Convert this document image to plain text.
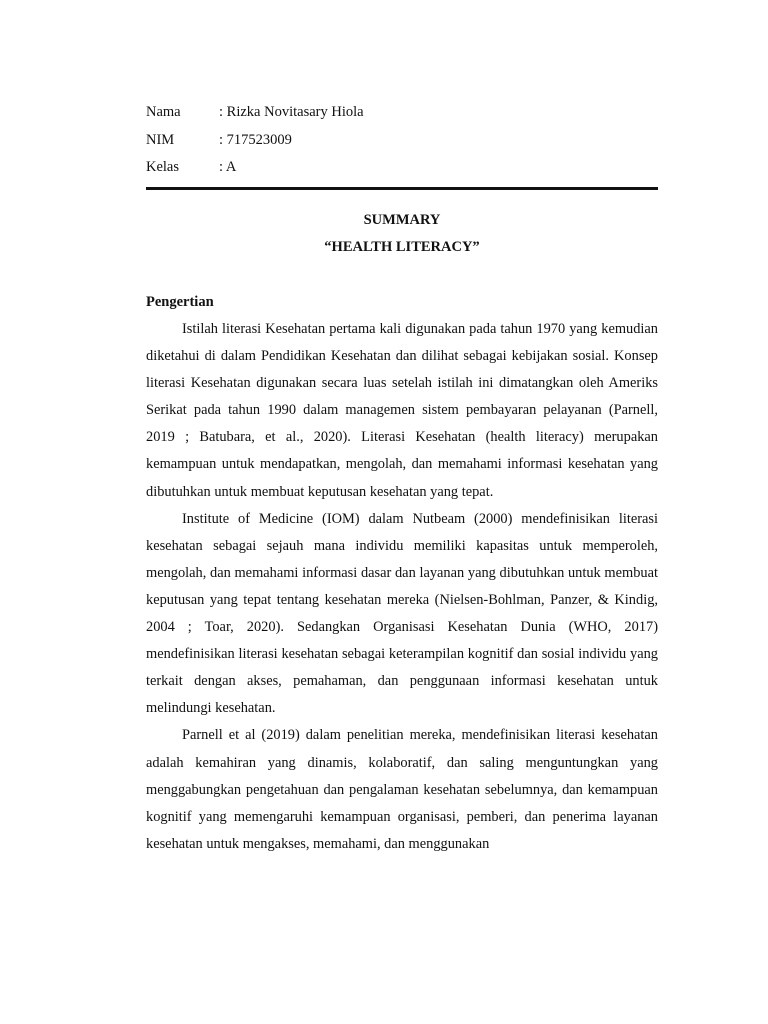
Nama	: Rizka Novitasary Hiola
NIM	: 717523009
Kelas	: A
SUMMARY
“HEALTH LITERACY”
Pengertian

Istilah literasi Kesehatan pertama kali digunakan pada tahun 1970 yang kemudian diketahui di dalam Pendidikan Kesehatan dan dilihat sebagai kebijakan sosial. Konsep literasi Kesehatan digunakan secara luas setelah istilah ini dimatangkan oleh Ameriks Serikat pada tahun 1990 dalam managemen sistem pembayaran pelayanan (Parnell, 2019 ; Batubara, et al., 2020). Literasi Kesehatan (health literacy) merupakan kemampuan untuk mendapatkan, mengolah, dan memahami informasi kesehatan yang dibutuhkan untuk membuat keputusan kesehatan yang tepat.

Institute of Medicine (IOM) dalam Nutbeam (2000) mendefinisikan literasi kesehatan sebagai sejauh mana individu memiliki kapasitas untuk memperoleh, mengolah, dan memahami informasi dasar dan layanan yang dibutuhkan untuk membuat keputusan yang tepat tentang kesehatan mereka (Nielsen-Bohlman, Panzer, & Kindig, 2004 ; Toar, 2020). Sedangkan Organisasi Kesehatan Dunia (WHO, 2017) mendefinisikan literasi kesehatan sebagai keterampilan kognitif dan sosial individu yang terkait dengan akses, pemahaman, dan penggunaan informasi kesehatan untuk melindungi kesehatan.

Parnell et al (2019) dalam penelitian mereka, mendefinisikan literasi kesehatan adalah kemahiran yang dinamis, kolaboratif, dan saling menguntungkan yang menggabungkan pengetahuan dan pengalaman kesehatan sebelumnya, dan kemampuan kognitif yang memengaruhi kemampuan organisasi, pemberi, dan penerima layanan kesehatan untuk mengakses, memahami, dan menggunakan
